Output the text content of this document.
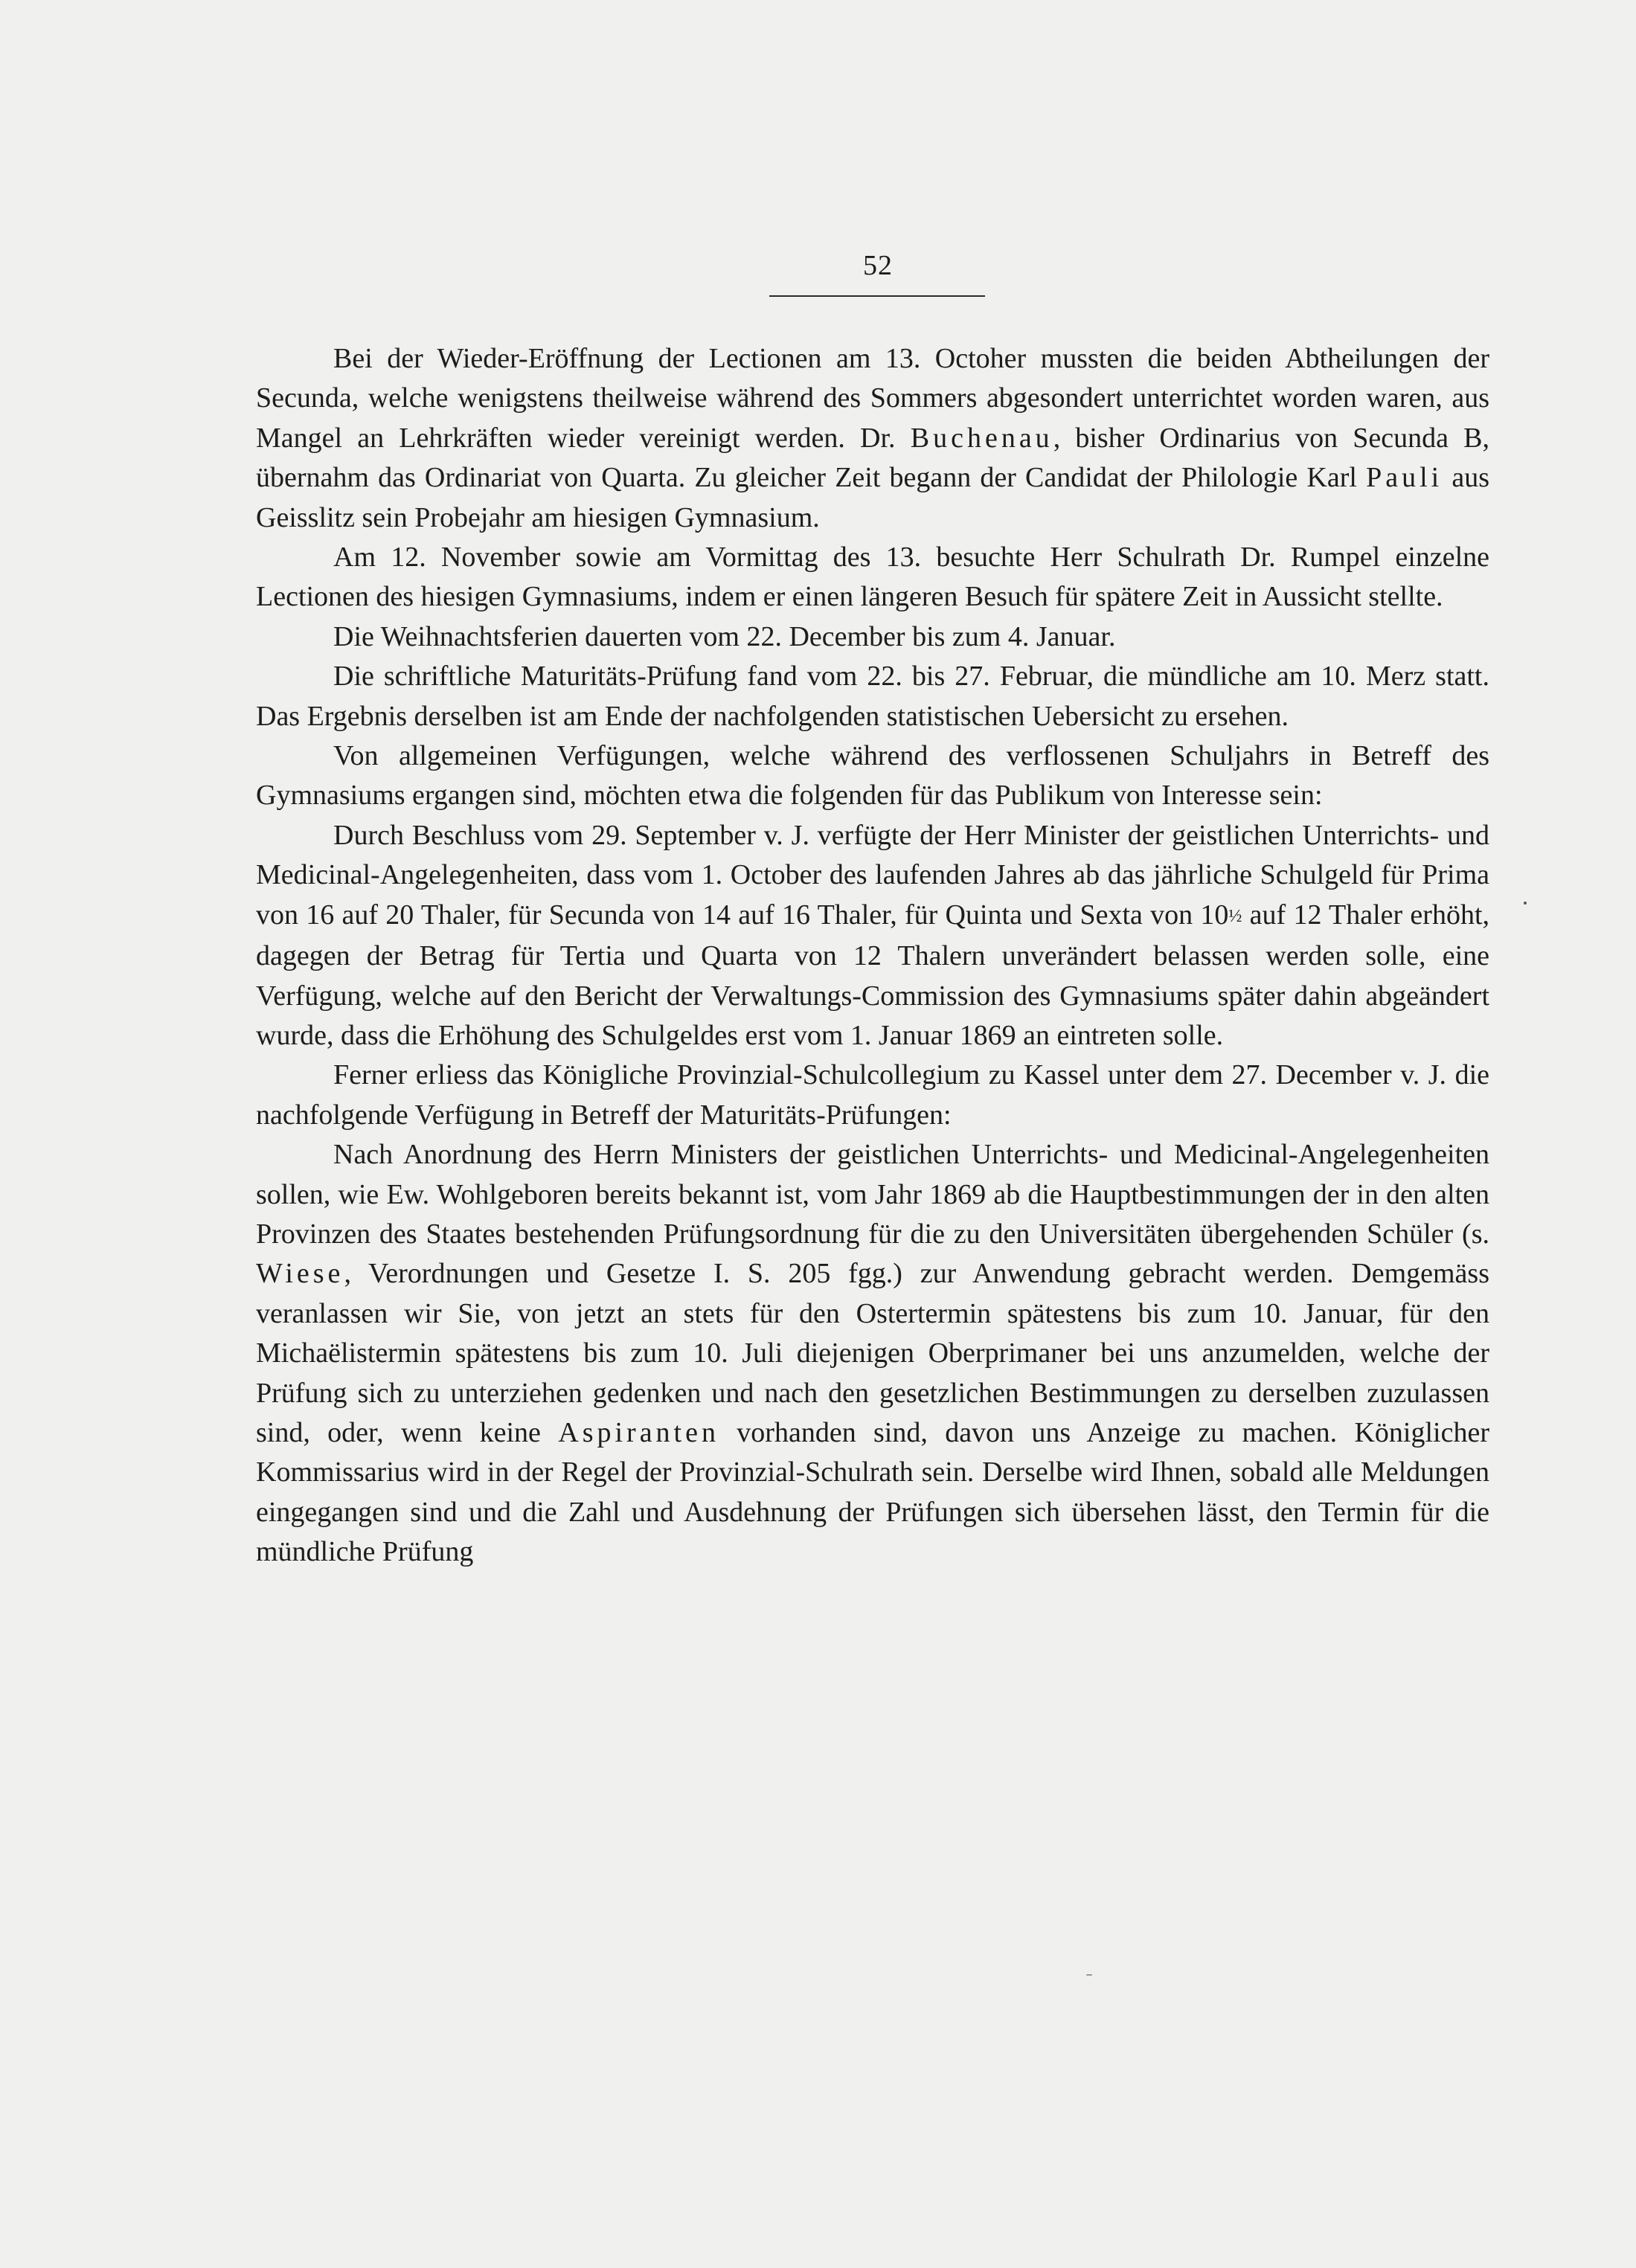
52

Bei der Wieder-Eröffnung der Lectionen am 13. Octoher mussten die beiden Abtheilungen der Secunda, welche wenigstens theilweise während des Sommers abgesondert unterrichtet worden waren, aus Mangel an Lehrkräften wieder vereinigt werden. Dr. Buchenau, bisher Ordinarius von Secunda B, übernahm das Ordinariat von Quarta. Zu gleicher Zeit begann der Candidat der Philologie Karl Pauli aus Geisslitz sein Probejahr am hiesigen Gymnasium.

Am 12. November sowie am Vormittag des 13. besuchte Herr Schulrath Dr. Rumpel einzelne Lectionen des hiesigen Gymnasiums, indem er einen längeren Besuch für spätere Zeit in Aussicht stellte.

Die Weihnachtsferien dauerten vom 22. December bis zum 4. Januar.

Die schriftliche Maturitäts-Prüfung fand vom 22. bis 27. Februar, die mündliche am 10. Merz statt. Das Ergebnis derselben ist am Ende der nachfolgenden statistischen Uebersicht zu ersehen.

Von allgemeinen Verfügungen, welche während des verflossenen Schuljahrs in Betreff des Gymnasiums ergangen sind, möchten etwa die folgenden für das Publikum von Interesse sein:

Durch Beschluss vom 29. September v. J. verfügte der Herr Minister der geistlichen Unterrichts- und Medicinal-Angelegenheiten, dass vom 1. October des laufenden Jahres ab das jährliche Schulgeld für Prima von 16 auf 20 Thaler, für Secunda von 14 auf 16 Thaler, für Quinta und Sexta von 10½ auf 12 Thaler erhöht, dagegen der Betrag für Tertia und Quarta von 12 Thalern unverändert belassen werden solle, eine Verfügung, welche auf den Bericht der Verwaltungs-Commission des Gymnasiums später dahin abgeändert wurde, dass die Erhöhung des Schulgeldes erst vom 1. Januar 1869 an eintreten solle.

Ferner erliess das Königliche Provinzial-Schulcollegium zu Kassel unter dem 27. December v. J. die nachfolgende Verfügung in Betreff der Maturitäts-Prüfungen:

Nach Anordnung des Herrn Ministers der geistlichen Unterrichts- und Medicinal-Angelegenheiten sollen, wie Ew. Wohlgeboren bereits bekannt ist, vom Jahr 1869 ab die Hauptbestimmungen der in den alten Provinzen des Staates bestehenden Prüfungsordnung für die zu den Universitäten übergehenden Schüler (s. Wiese, Verordnungen und Gesetze I. S. 205 fgg.) zur Anwendung gebracht werden. Demgemäss veranlassen wir Sie, von jetzt an stets für den Ostertermin spätestens bis zum 10. Januar, für den Michaëlistermin spätestens bis zum 10. Juli diejenigen Oberprimaner bei uns anzumelden, welche der Prüfung sich zu unterziehen gedenken und nach den gesetzlichen Bestimmungen zu derselben zuzulassen sind, oder, wenn keine Aspiranten vorhanden sind, davon uns Anzeige zu machen. Königlicher Kommissarius wird in der Regel der Provinzial-Schulrath sein. Derselbe wird Ihnen, sobald alle Meldungen eingegangen sind und die Zahl und Ausdehnung der Prüfungen sich übersehen lässt, den Termin für die mündliche Prüfung
